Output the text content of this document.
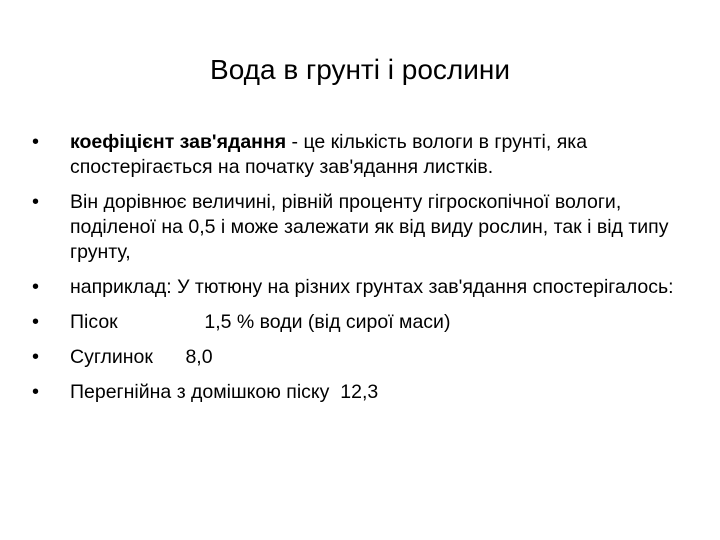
Вода в грунті і рослини
• коефіцієнт зав'ядання - це кількість вологи в грунті, яка спостерігається на початку зав'ядання листків.
• Він дорівнює величині, рівній проценту гігроскопічної вологи, поділеної на 0,5 і може залежати як від виду рослин, так і від типу грунту,
• наприклад: У тютюну на різних грунтах зав'ядання спостерігалось:
• Пісок                1,5 % води (від сирої маси)
• Суглинок      8,0
• Перегнійна з домішкою піску  12,3
